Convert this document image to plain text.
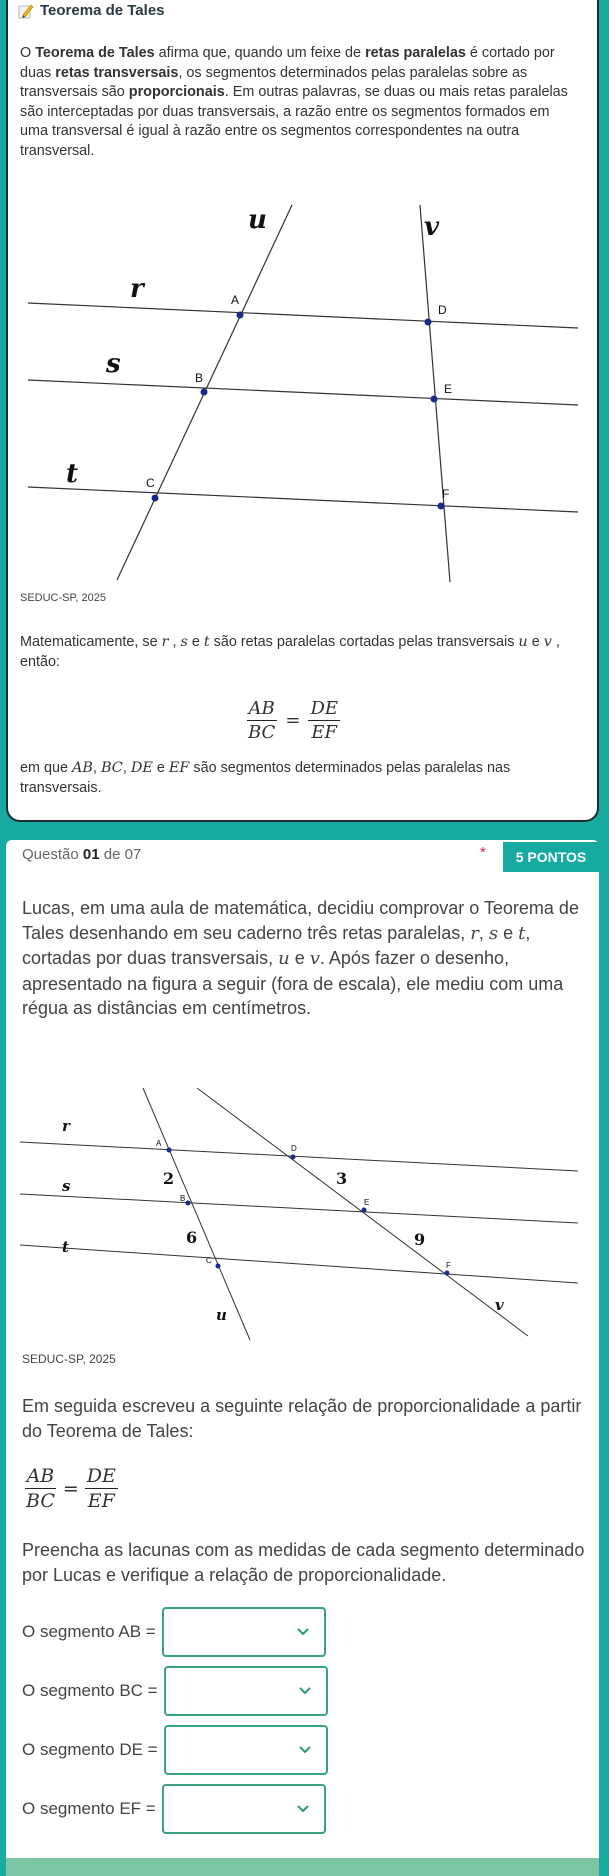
Teorema de Tales

O Teorema de Tales afirma que, quando um feixe de retas paralelas é cortado por duas retas transversais, os segmentos determinados pelas paralelas sobre as transversais são proporcionais. Em outras palavras, se duas ou mais retas paralelas são interceptadas por duas transversais, a razão entre os segmentos formados em uma transversal é igual à razão entre os segmentos correspondentes na outra transversal.

u	v
r
s
t
A
B
C
D
E
F
SEDUC-SP, 2025

Matematicamente, se r , s e t são retas paralelas cortadas pelas transversais u e v , então:

$\frac{AB}{BC} = \frac{DE}{EF}$

em que AB, BC, DE e EF são segmentos determinados pelas paralelas nas transversais.

Questão 01 de 07	*	5 PONTOS

Lucas, em uma aula de matemática, decidiu comprovar o Teorema de Tales desenhando em seu caderno três retas paralelas, r, s e t, cortadas por duas transversais, u e v. Após fazer o desenho, apresentado na figura a seguir (fora de escala), ele mediu com uma régua as distâncias em centímetros.

r
s
t
u
v
2
6
3
9
A
B
C
D
E
F
SEDUC-SP, 2025

Em seguida escreveu a seguinte relação de proporcionalidade a partir do Teorema de Tales:

$\frac{AB}{BC} = \frac{DE}{EF}$

Preencha as lacunas com as medidas de cada segmento determinado por Lucas e verifique a relação de proporcionalidade.

O segmento AB =
O segmento BC =
O segmento DE =
O segmento EF =
